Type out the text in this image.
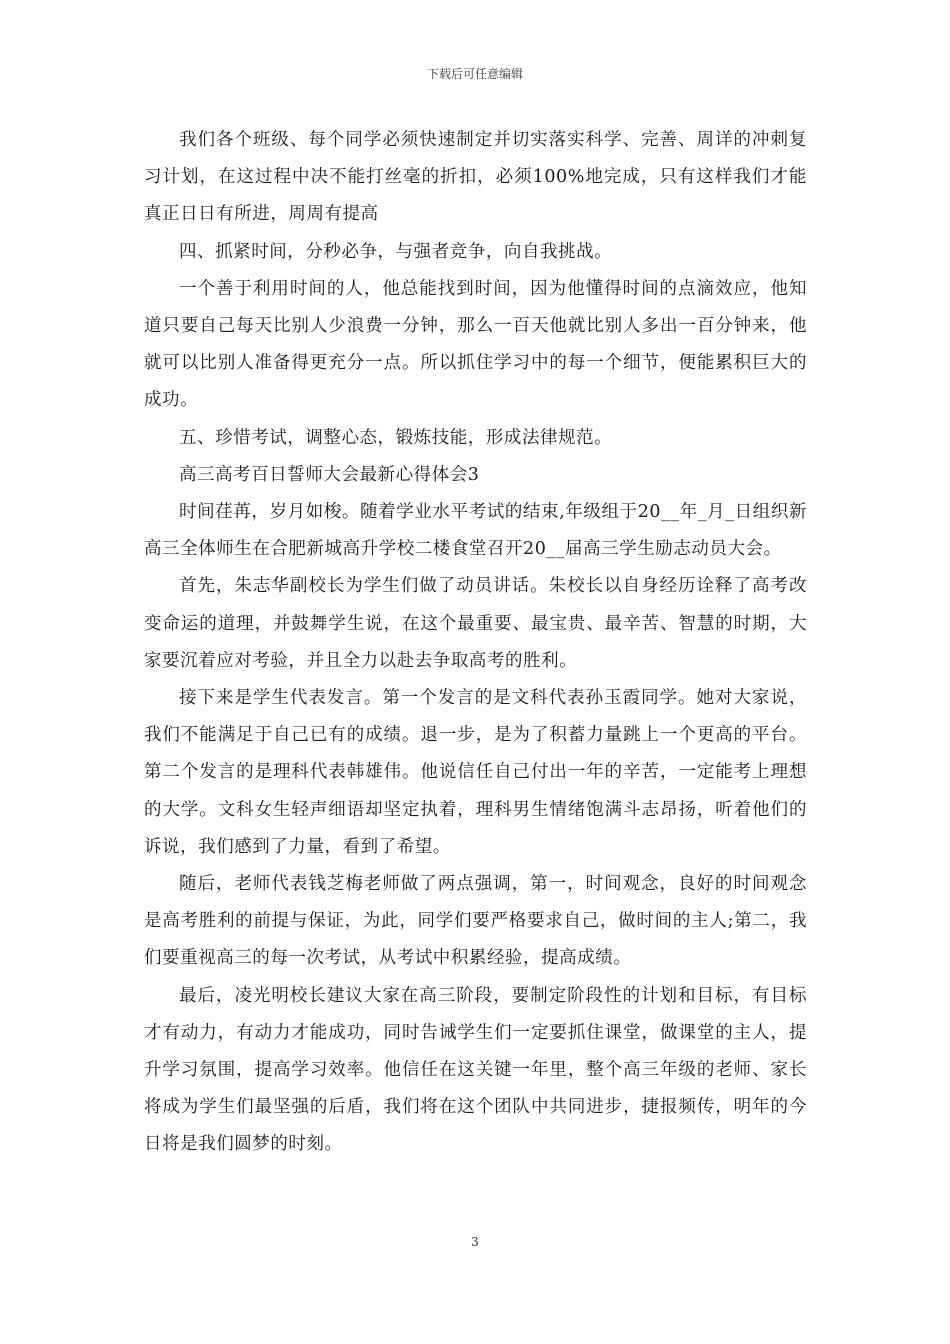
下载后可任意编辑

我们各个班级、每个同学必须快速制定并切实落实科学、完善、周详的冲刺复习计划，在这过程中决不能打丝毫的折扣，必须100%地完成，只有这样我们才能真正日日有所进，周周有提高

四、抓紧时间，分秒必争，与强者竞争，向自我挑战。

一个善于利用时间的人，他总能找到时间，因为他懂得时间的点滴效应，他知道只要自己每天比别人少浪费一分钟，那么一百天他就比别人多出一百分钟来，他就可以比别人准备得更充分一点。所以抓住学习中的每一个细节，便能累积巨大的成功。

五、珍惜考试，调整心态，锻炼技能，形成法律规范。

高三高考百日誓师大会最新心得体会3

时间荏苒，岁月如梭。随着学业水平考试的结束,年级组于20__年_月_日组织新高三全体师生在合肥新城高升学校二楼食堂召开20__届高三学生励志动员大会。

首先，朱志华副校长为学生们做了动员讲话。朱校长以自身经历诠释了高考改变命运的道理，并鼓舞学生说，在这个最重要、最宝贵、最辛苦、智慧的时期，大家要沉着应对考验，并且全力以赴去争取高考的胜利。

接下来是学生代表发言。第一个发言的是文科代表孙玉霞同学。她对大家说，我们不能满足于自己已有的成绩。退一步，是为了积蓄力量跳上一个更高的平台。第二个发言的是理科代表韩雄伟。他说信任自己付出一年的辛苦，一定能考上理想的大学。文科女生轻声细语却坚定执着，理科男生情绪饱满斗志昂扬，听着他们的诉说，我们感到了力量，看到了希望。

随后，老师代表钱芝梅老师做了两点强调，第一，时间观念，良好的时间观念是高考胜利的前提与保证，为此，同学们要严格要求自己，做时间的主人;第二，我们要重视高三的每一次考试，从考试中积累经验，提高成绩。

最后，凌光明校长建议大家在高三阶段，要制定阶段性的计划和目标，有目标才有动力，有动力才能成功，同时告诫学生们一定要抓住课堂，做课堂的主人，提升学习氛围，提高学习效率。他信任在这关键一年里，整个高三年级的老师、家长将成为学生们最坚强的后盾，我们将在这个团队中共同进步，捷报频传，明年的今日将是我们圆梦的时刻。

3
